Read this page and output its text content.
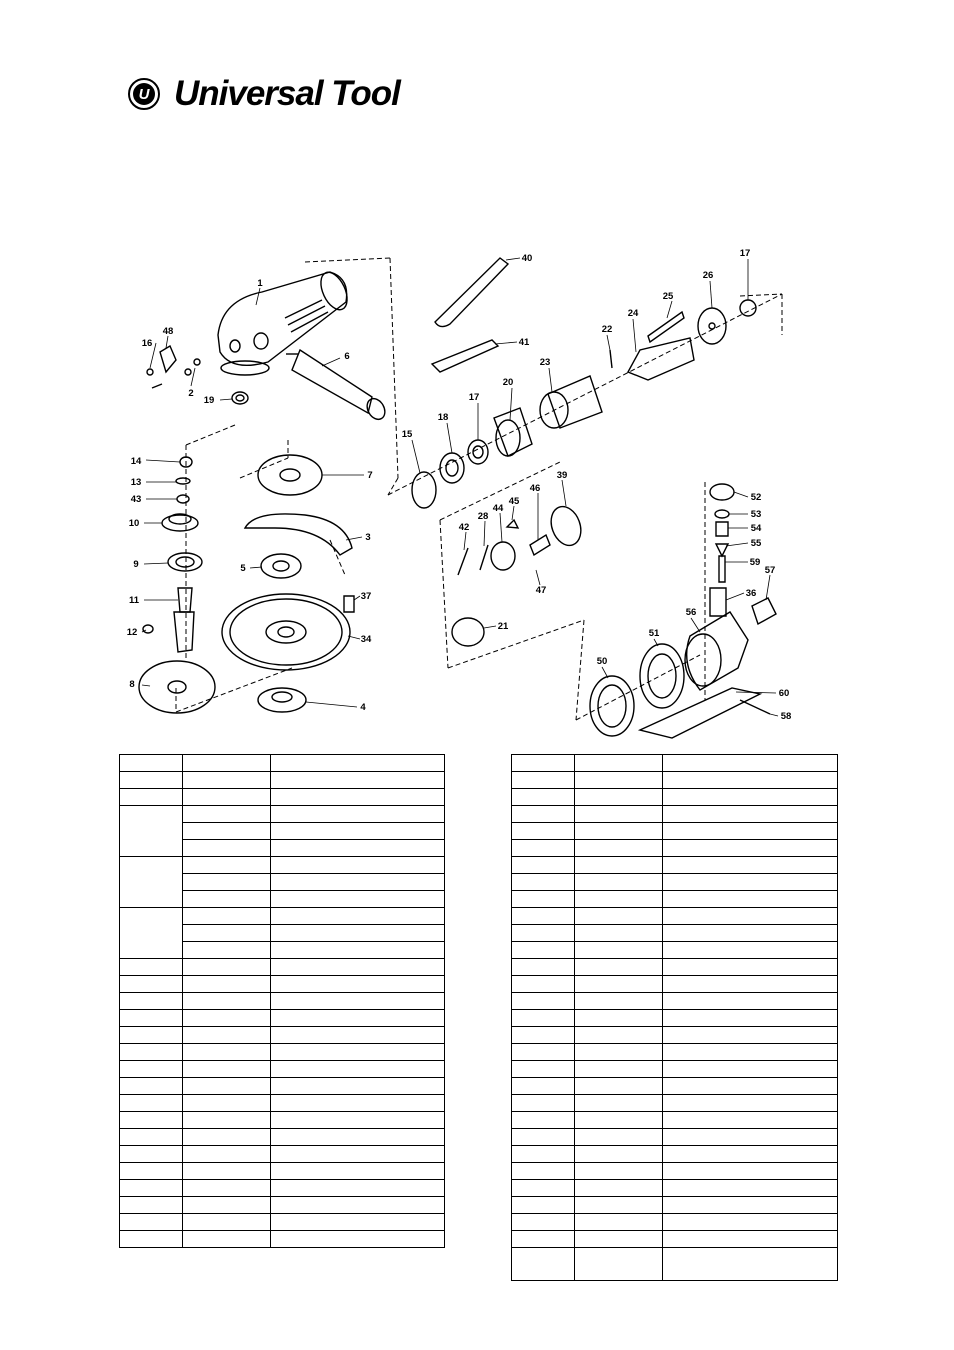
U Universal Tool
1
48
16
2
6
19
14
13
43
10
9
11
12
8
7
3
5
37
34
4
40
41
15
18
17
20
23
22
24
25
26
17
39
46
45
44
28
42
47
21
52
53
54
55
59
57
36
56
51
50
60
58
